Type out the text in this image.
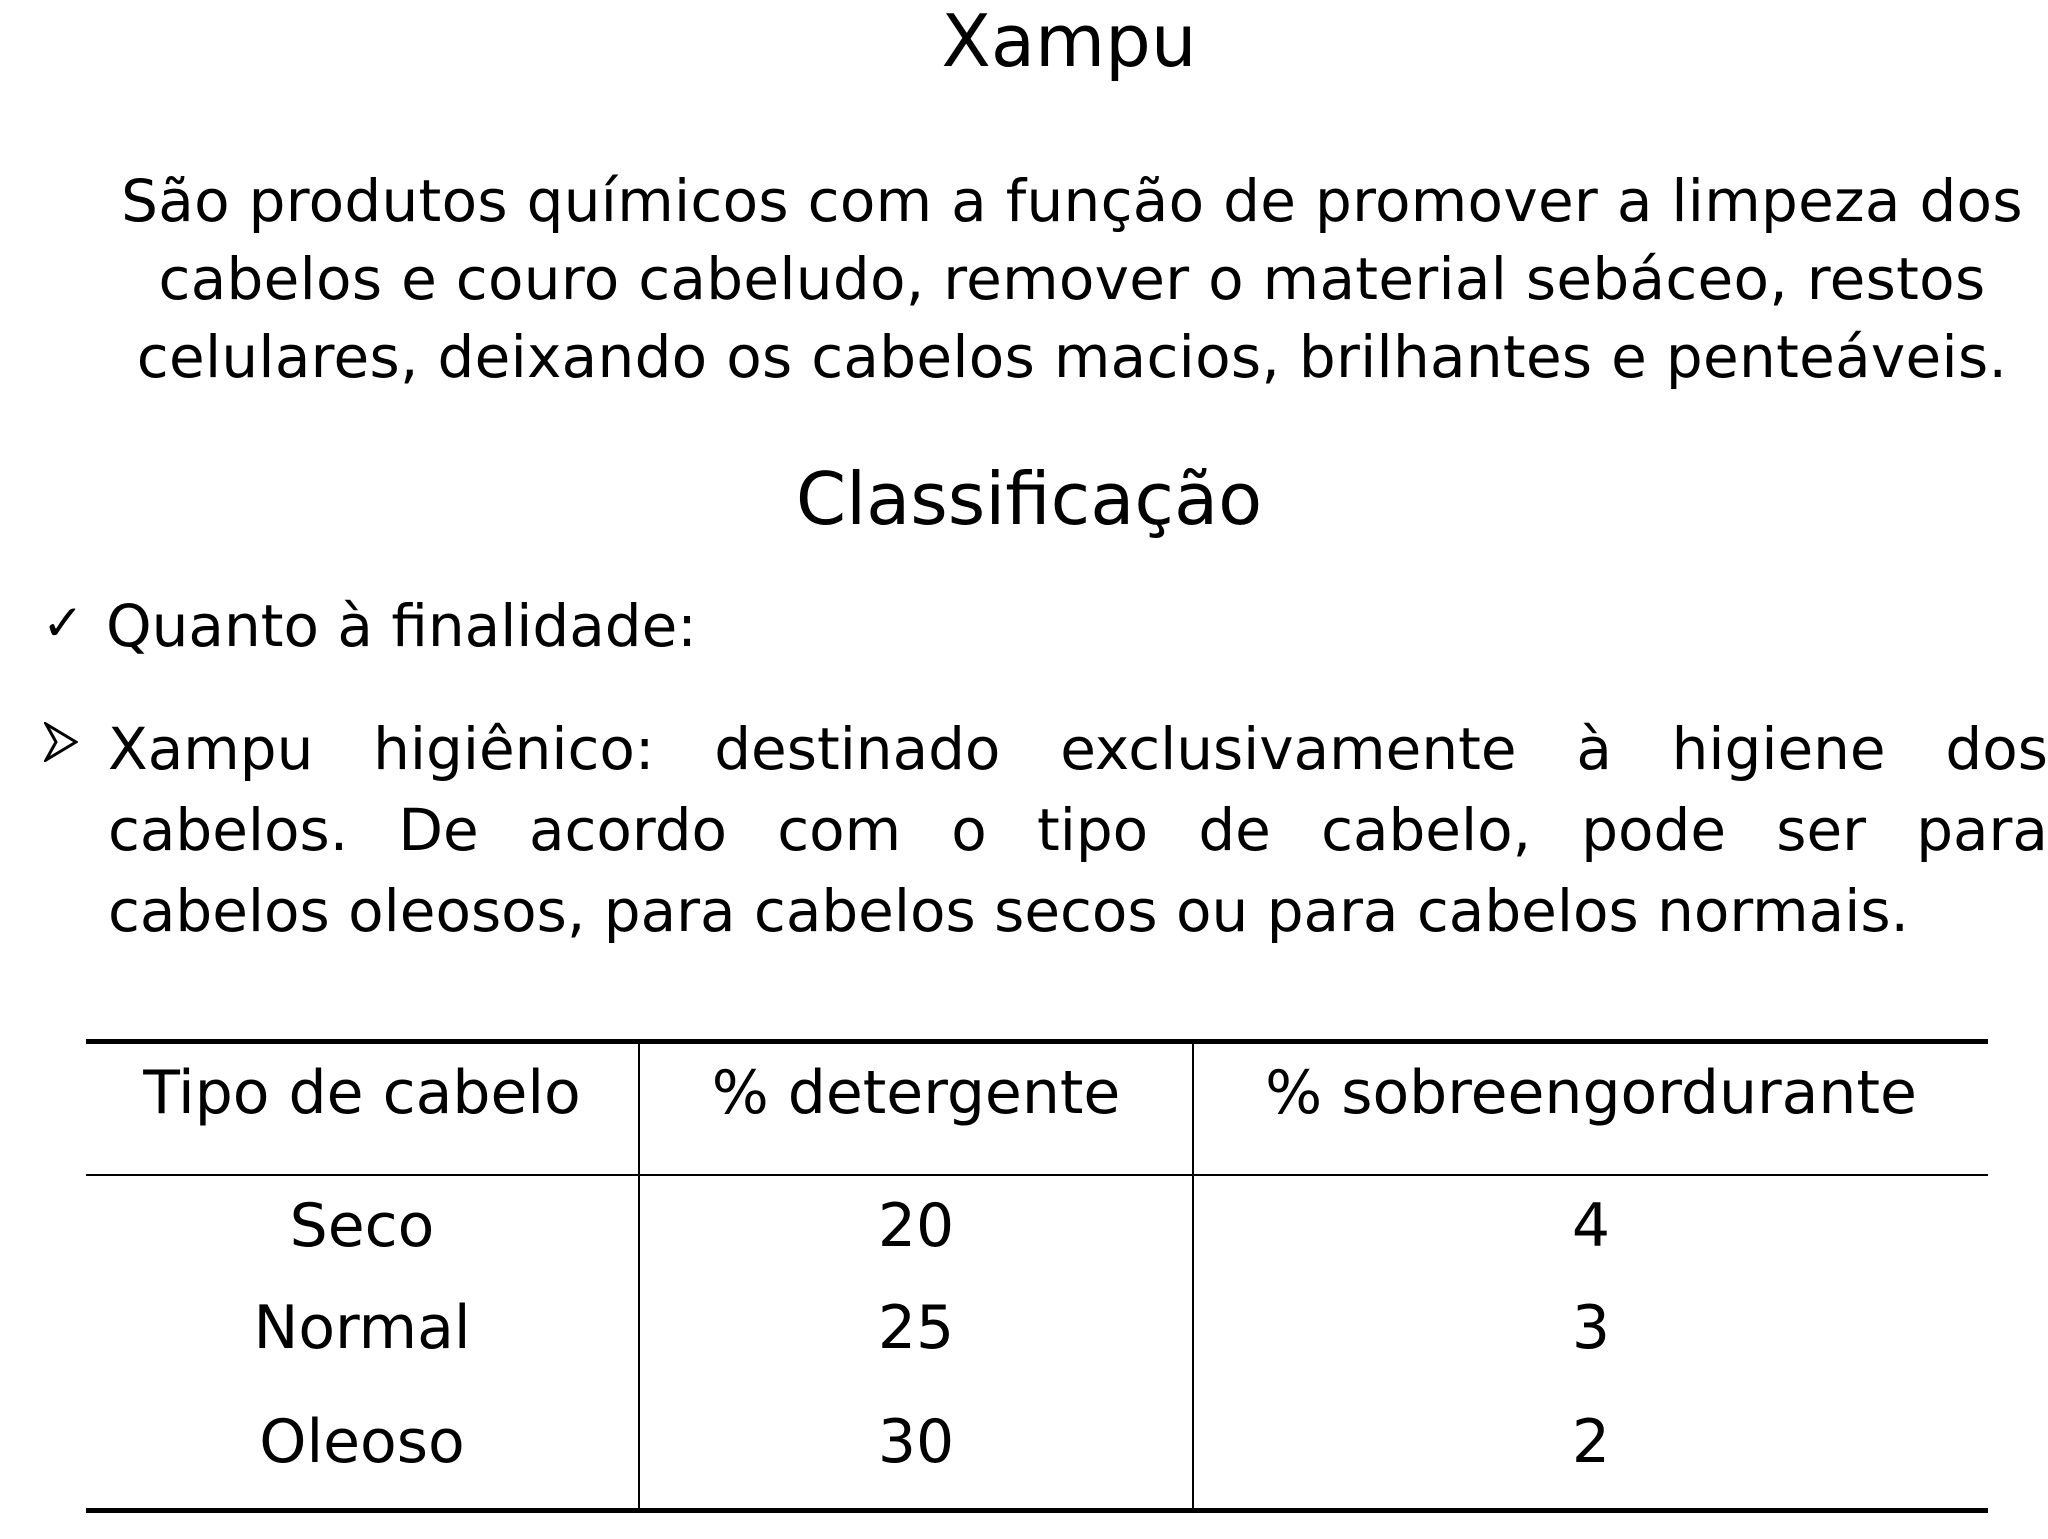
Xampu
São produtos químicos com a função de promover a limpeza dos
cabelos e couro cabeludo, remover o material sebáceo, restos
celulares, deixando os cabelos macios, brilhantes e penteáveis.
Classificação
✓ Quanto à finalidade:
Xampu higiênico: destinado exclusivamente à higiene dos
cabelos. De acordo com o tipo de cabelo, pode ser para
cabelos oleosos, para cabelos secos ou para cabelos normais.
Tipo de cabelo	% detergente	% sobreengordurante
Seco	20	4
Normal	25	3
Oleoso	30	2
